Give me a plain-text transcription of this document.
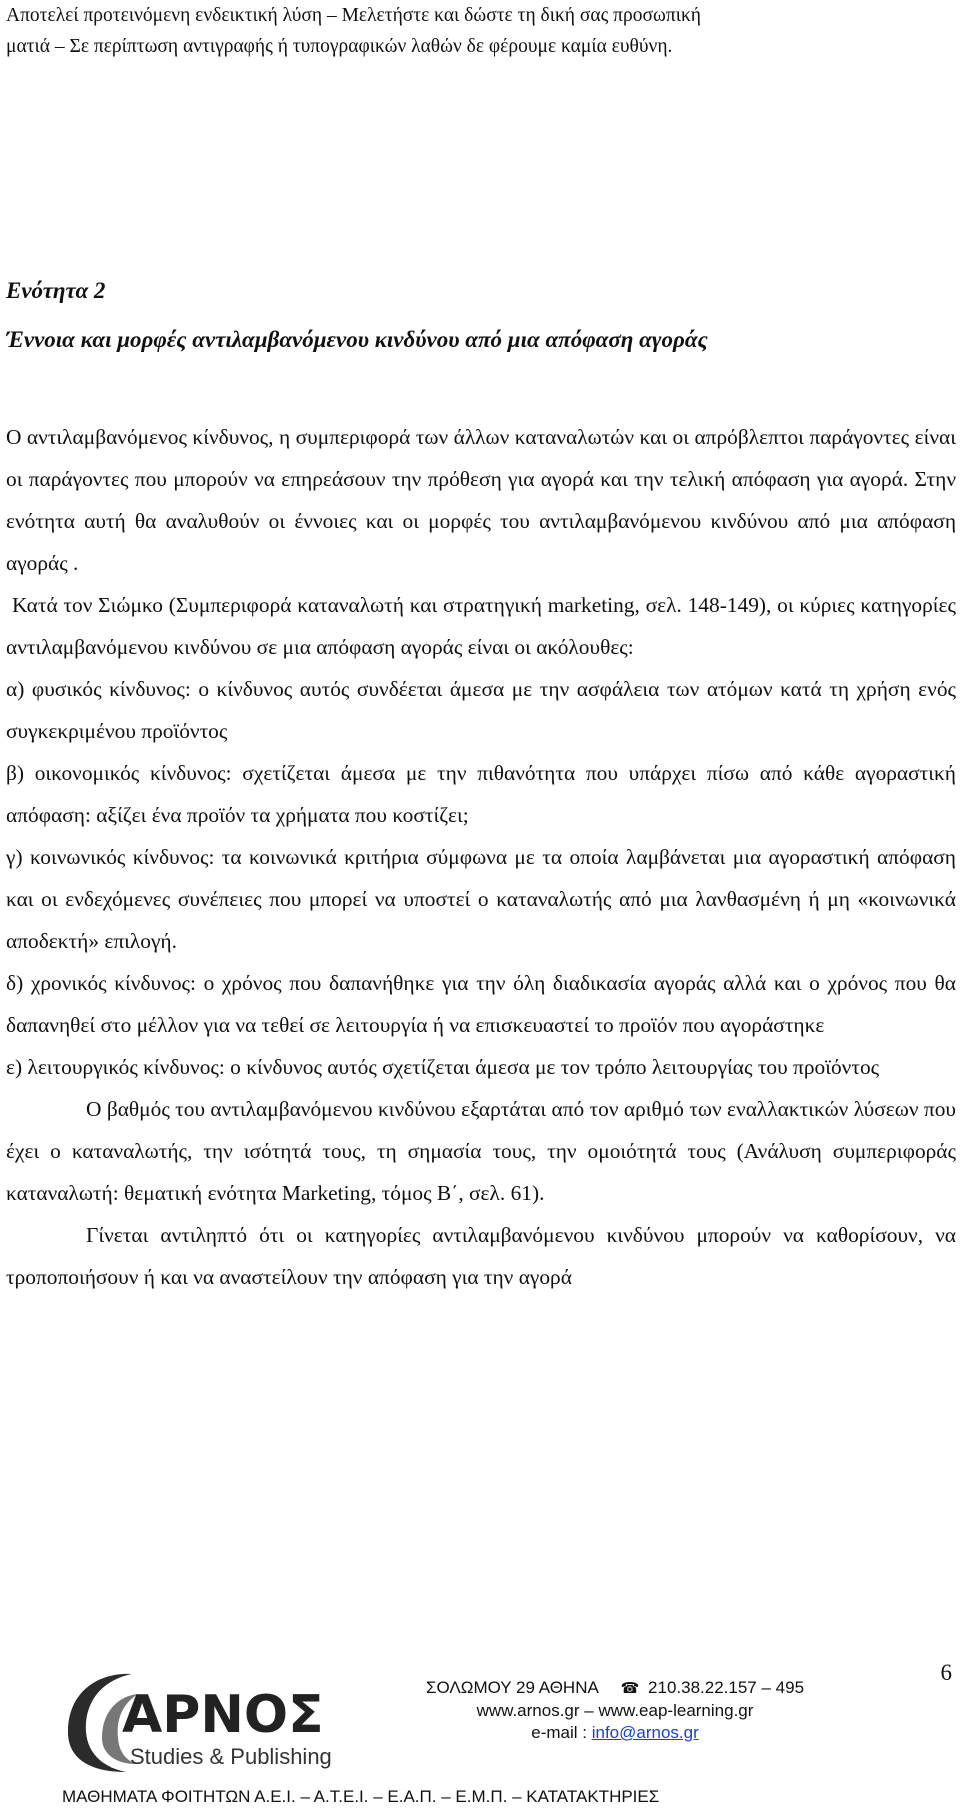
Αποτελεί προτεινόμενη ενδεικτική λύση – Μελετήστε και δώστε τη δική σας προσωπική
ματιά – Σε περίπτωση αντιγραφής ή τυπογραφικών λαθών δε φέρουμε καμία ευθύνη.
Ενότητα 2
Έννοια και μορφές αντιλαμβανόμενου κινδύνου από μια απόφαση αγοράς

Ο αντιλαμβανόμενος κίνδυνος, η συμπεριφορά των άλλων καταναλωτών και οι απρόβλεπτοι παράγοντες είναι οι παράγοντες που μπορούν να επηρεάσουν την πρόθεση για αγορά και την τελική απόφαση για αγορά. Στην ενότητα αυτή θα αναλυθούν οι έννοιες και οι μορφές του αντιλαμβανόμενου κινδύνου από μια απόφαση αγοράς .

Κατά τον Σιώμκο (Συμπεριφορά καταναλωτή και στρατηγική marketing, σελ. 148-149), οι κύριες κατηγορίες αντιλαμβανόμενου κινδύνου σε μια απόφαση αγοράς είναι οι ακόλουθες:

α) φυσικός κίνδυνος: ο κίνδυνος αυτός συνδέεται άμεσα με την ασφάλεια των ατόμων κατά τη χρήση ενός συγκεκριμένου προϊόντος

β) οικονομικός κίνδυνος: σχετίζεται άμεσα με την πιθανότητα που υπάρχει πίσω από κάθε αγοραστική απόφαση: αξίζει ένα προϊόν τα χρήματα που κοστίζει;

γ) κοινωνικός κίνδυνος: τα κοινωνικά κριτήρια σύμφωνα με τα οποία λαμβάνεται μια αγοραστική απόφαση και οι ενδεχόμενες συνέπειες που μπορεί να υποστεί ο καταναλωτής από μια λανθασμένη ή μη «κοινωνικά αποδεκτή» επιλογή.

δ) χρονικός κίνδυνος: ο χρόνος που δαπανήθηκε για την όλη διαδικασία αγοράς αλλά και ο χρόνος που θα δαπανηθεί στο μέλλον για να τεθεί σε λειτουργία ή να επισκευαστεί το προϊόν που αγοράστηκε

ε) λειτουργικός κίνδυνος: ο κίνδυνος αυτός σχετίζεται άμεσα με τον τρόπο λειτουργίας του προϊόντος

Ο βαθμός του αντιλαμβανόμενου κινδύνου εξαρτάται από τον αριθμό των εναλλακτικών λύσεων που έχει ο καταναλωτής, την ισότητά τους, τη σημασία τους, την ομοιότητά τους (Ανάλυση συμπεριφοράς καταναλωτή: θεματική ενότητα Marketing, τόμος Β΄, σελ. 61).

Γίνεται αντιληπτό ότι οι κατηγορίες αντιλαμβανόμενου κινδύνου μπορούν να καθορίσουν, να τροποποιήσουν ή και να αναστείλουν την απόφαση για την αγορά

6
ΑΡΝΟΣ
Studies & Publishing
ΣΟΛΩΜΟΥ 29 ΑΘΗΝΑ ☎ 210.38.22.157 – 495
www.arnos.gr – www.eap-learning.gr
e-mail : info@arnos.gr
ΜΑΘΗΜΑΤΑ ΦΟΙΤΗΤΩΝ Α.Ε.Ι. – Α.Τ.Ε.Ι. – Ε.Α.Π. – Ε.Μ.Π. – ΚΑΤΑΤΑΚΤΗΡΙΕΣ
